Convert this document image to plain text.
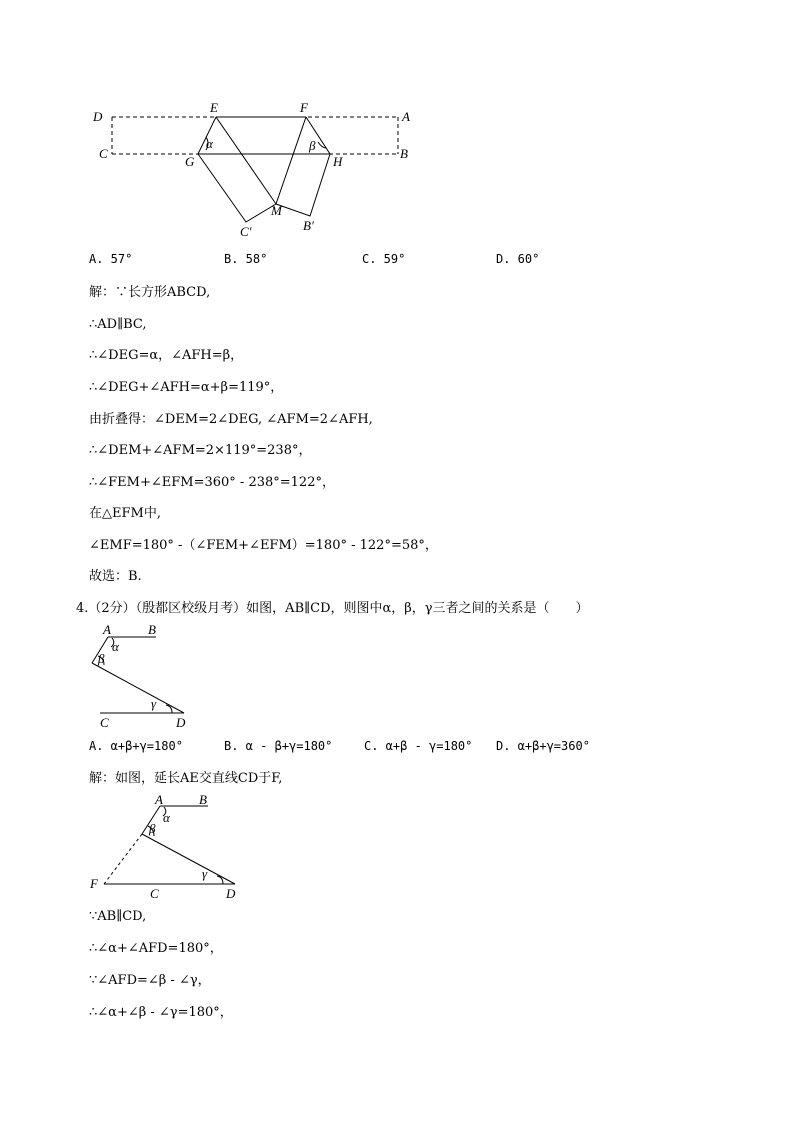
D
E	F
A
C	B
G	H
M
C′	B′
α	β
A. 57°	B. 58°	C. 59°	D. 60°
解：∵长方形ABCD,
∴AD∥BC,
∴∠DEG=α，∠AFH=β，
∴∠DEG+∠AFH=α+β=119°，
由折叠得：∠DEM=2∠DEG, ∠AFM=2∠AFH,
∴∠DEM+∠AFM=2×119°=238°，
∴∠FEM+∠EFM=360° - 238°=122°，
在△EFM中,
∠EMF=180° -（∠FEM+∠EFM）=180° - 122°=58°，
故选：B.
4.（2分）（殷都区校级月考）如图，AB∥CD，则图中α，β，γ三者之间的关系是（　　）
A	B
α
β
γ
C	D
A. α+β+γ=180°	B. α - β+γ=180°	C. α+β - γ=180° D. α+β+γ=360°
解：如图，延长AE交直线CD于F,
A	B
α
β
γ
F
C	D
∵AB∥CD,
∴∠α+∠AFD=180°，
∵∠AFD=∠β - ∠γ，
∴∠α+∠β - ∠γ=180°，
